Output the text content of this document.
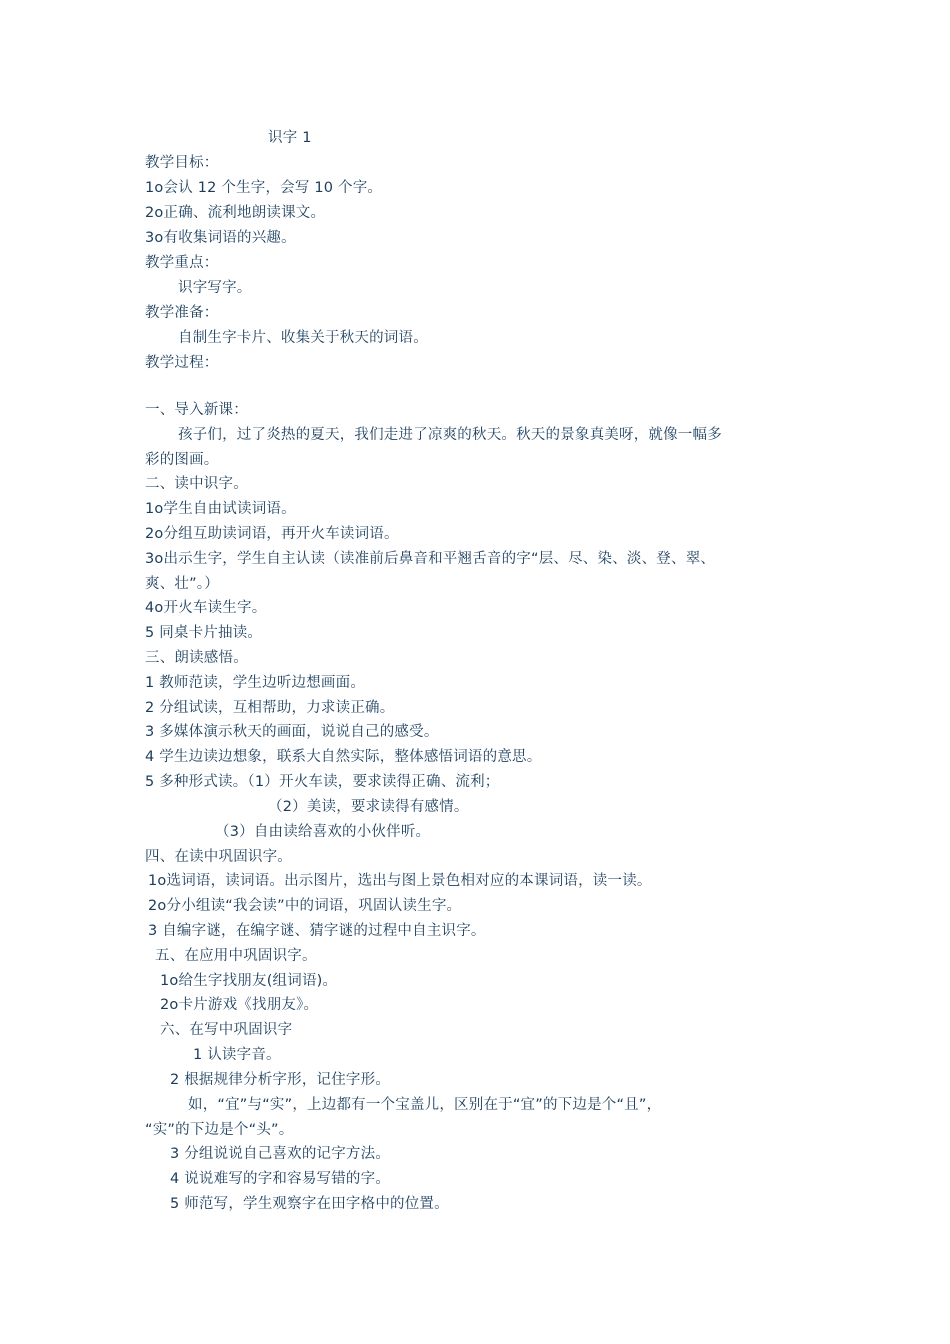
识字 1
教学目标：
1o会认 12 个生字，会写 10 个字。
2o正确、流利地朗读课文。
3o有收集词语的兴趣。
教学重点：
识字写字。
教学准备：
自制生字卡片、收集关于秋天的词语。
教学过程：
一、导入新课：
孩子们，过了炎热的夏天，我们走进了凉爽的秋天。秋天的景象真美呀，就像一幅多
彩的图画。
二、读中识字。
1o学生自由试读词语。
2o分组互助读词语，再开火车读词语。
3o出示生字，学生自主认读（读准前后鼻音和平翘舌音的字“层、尽、染、淡、登、翠、
爽、壮”。）
4o开火车读生字。
5 同桌卡片抽读。
三、朗读感悟。
1 教师范读，学生边听边想画面。
2 分组试读，互相帮助，力求读正确。
3 多媒体演示秋天的画面，说说自己的感受。
4 学生边读边想象，联系大自然实际，整体感悟词语的意思。
5 多种形式读。（1）开火车读，要求读得正确、流利；
（2）美读，要求读得有感情。
（3）自由读给喜欢的小伙伴听。
四、在读中巩固识字。
1o选词语，读词语。出示图片，选出与图上景色相对应的本课词语，读一读。
2o分小组读“我会读”中的词语，巩固认读生字。
3 自编字谜，在编字谜、猜字谜的过程中自主识字。
五、在应用中巩固识字。
1o给生字找朋友(组词语)。
2o卡片游戏《找朋友》。
六、在写中巩固识字
1 认读字音。
2 根据规律分析字形，记住字形。
如，“宜”与“实”，上边都有一个宝盖儿，区别在于“宜”的下边是个“且”，
“实”的下边是个“头”。
3 分组说说自己喜欢的记字方法。
4 说说难写的字和容易写错的字。
5 师范写，学生观察字在田字格中的位置。
